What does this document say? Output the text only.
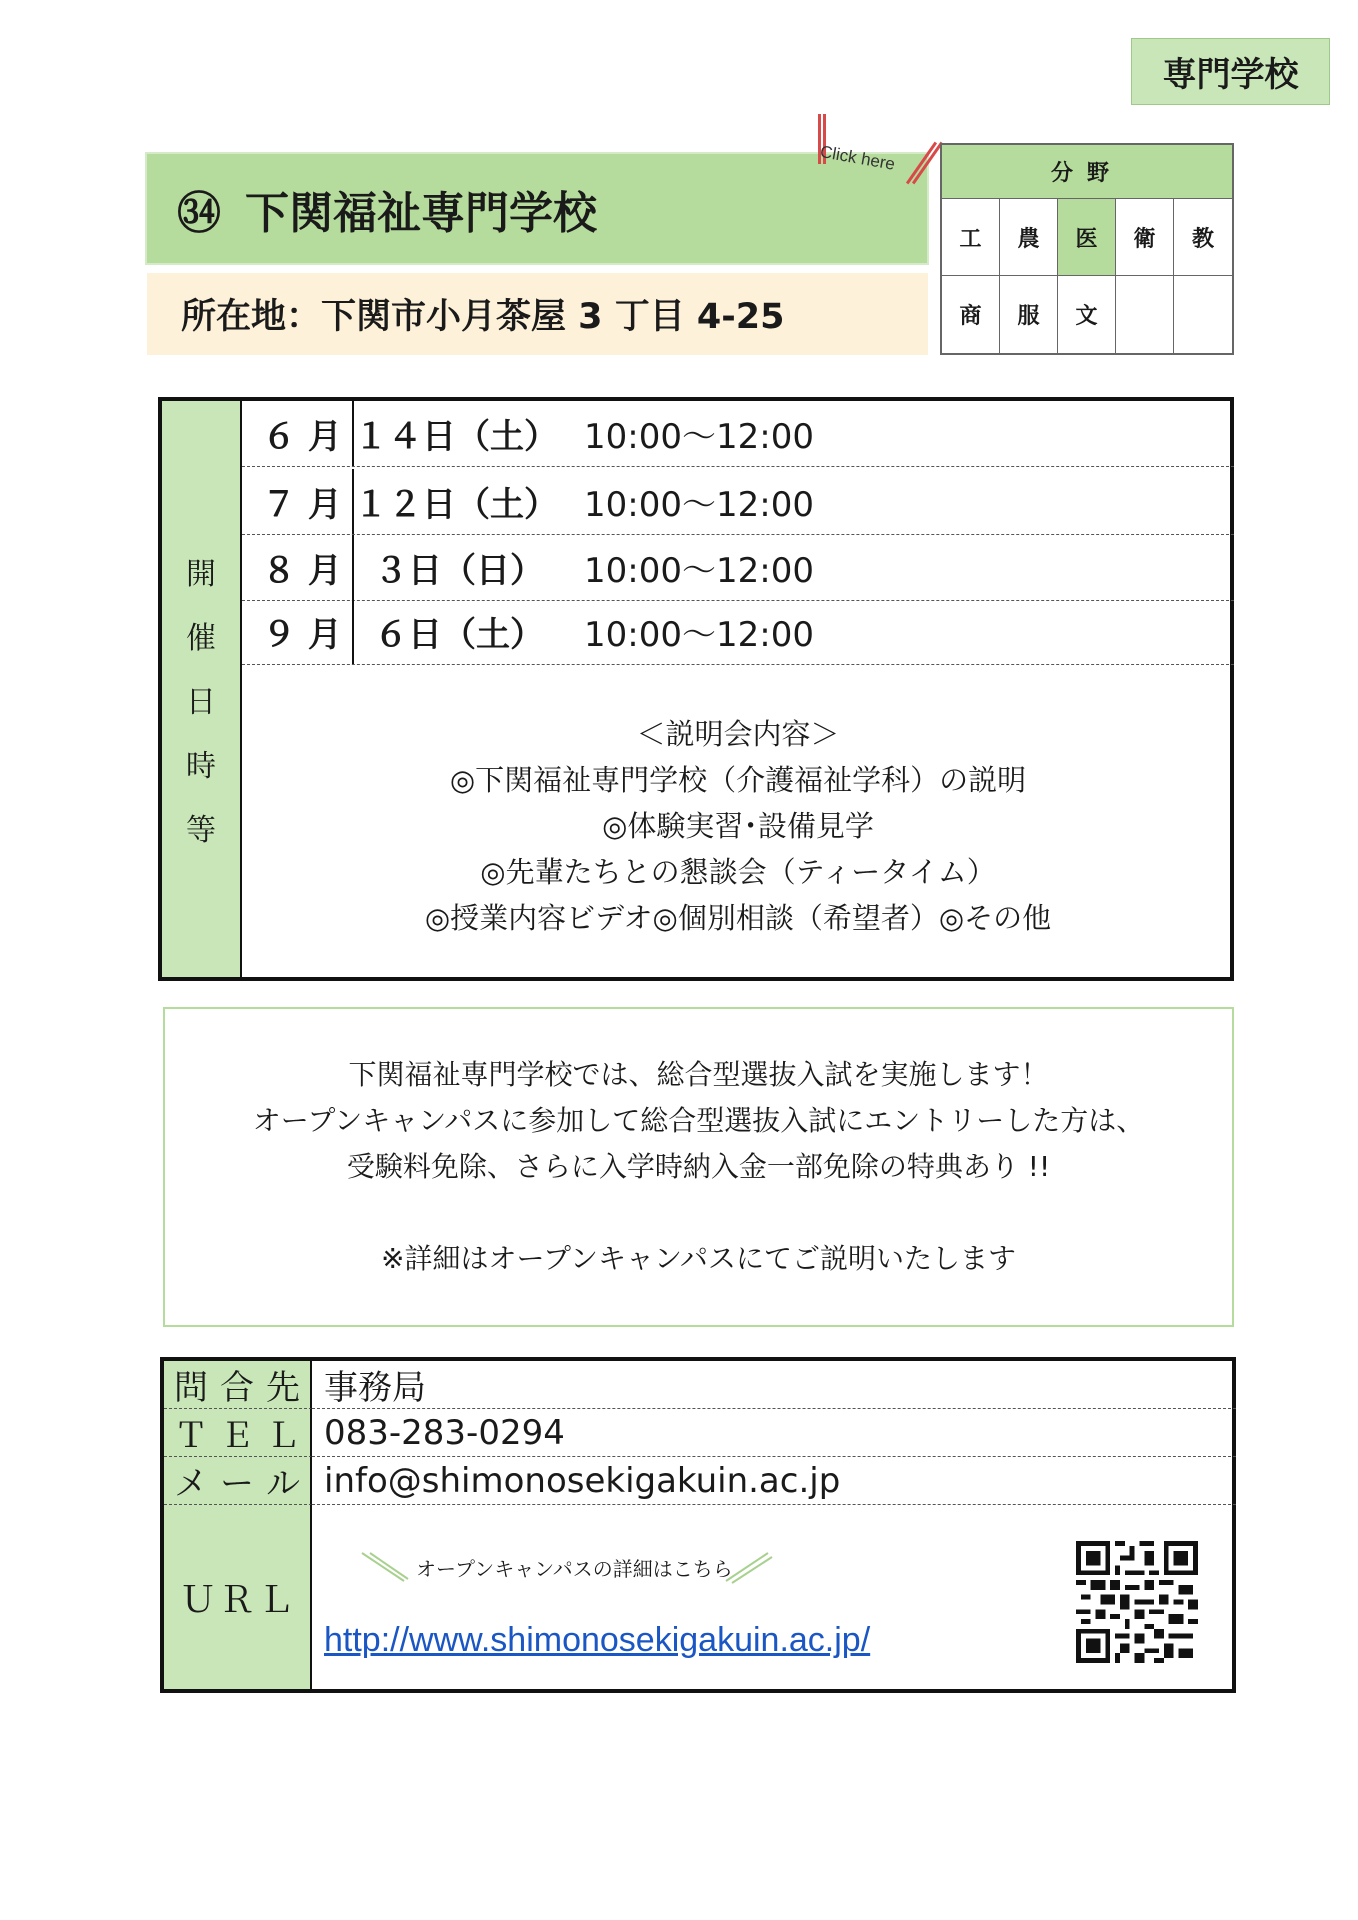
専門学校
㉞ 下関福祉専門学校
Click here
所在地：下関市小月茶屋 3 丁目 4-25
分野
工	農	医	衛	教
商	服	文
開
催
日
時
等
６ 月 １４日（土） 10:00～12:00
７ 月 １２日（土） 10:00～12:00
８ 月 ３日（日）	10:00～12:00
９ 月 ６日（土）	10:00～12:00
＜説明会内容＞
◎下関福祉専門学校（介護福祉学科）の説明
◎体験実習･設備見学
◎先輩たちとの懇談会（ティータイム）
◎授業内容ビデオ◎個別相談（希望者）◎その他
下関福祉専門学校では、総合型選抜入試を実施します！
オープンキャンパスに参加して総合型選抜入試にエントリーした方は、
受験料免除、さらに入学時納入金一部免除の特典あり !!
※詳細はオープンキャンパスにてご説明いたします
問 合 先 事務局
Ｔ Ｅ Ｌ 083-283-0294
メ ー ル info@shimonosekigakuin.ac.jp
Ｕ Ｒ Ｌ
オープンキャンパスの詳細はこちら
http://www.shimonosekigakuin.ac.jp/
